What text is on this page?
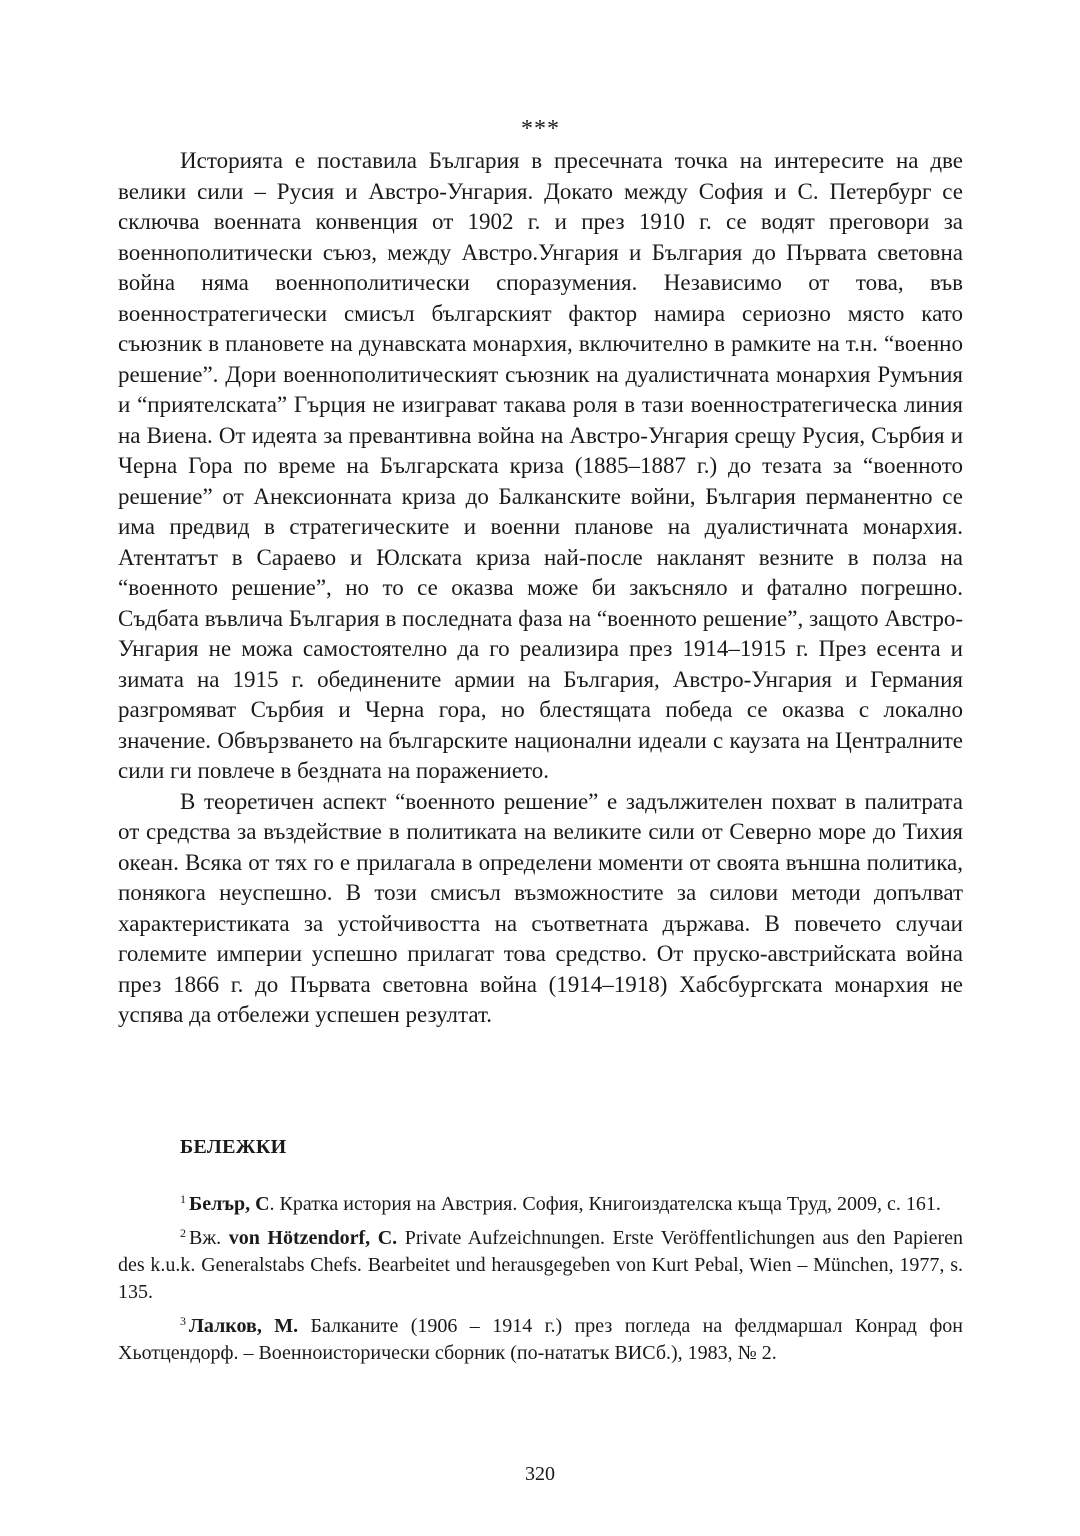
***

Историята е поставила България в пресечната точка на интересите на две велики сили – Русия и Австро-Унгария. Докато между София и С. Петербург се сключва военната конвенция от 1902 г. и през 1910 г. се водят преговори за военнополитически съюз, между Австро.Унгария и България до Първата световна война няма военнополитически споразумения. Независимо от това, във военностратегически смисъл българският фактор намира сериозно място като съюзник в плановете на дунавската монархия, включително в рамките на т.н. “военно решение”. Дори военнополитическият съюзник на дуалистичната монархия Румъния и “приятелската” Гърция не изиграват такава роля в тази военностратегическа линия на Виена. От идеята за превантивна война на Австро-Унгария срещу Русия, Сърбия и Черна Гора по време на Българската криза (1885–1887 г.) до тезата за “военното решение” от Анексионната криза до Балканските войни, България перманентно се има предвид в стратегическите и военни планове на дуалистичната монархия. Атентатът в Сараево и Юлската криза най-после накланят везните в полза на “военното решение”, но то се оказва може би закъсняло и фатално погрешно. Съдбата въвлича България в последната фаза на “военното решение”, защото Австро-Унгария не можа самостоятелно да го реализира през 1914–1915 г. През есента и зимата на 1915 г. обединените армии на България, Австро-Унгария и Германия разгромяват Сърбия и Черна гора, но блестящата победа се оказва с локално значение. Обвързването на българските национални идеали с каузата на Централните сили ги повлече в бездната на поражението.

В теоретичен аспект “военното решение” е задължителен похват в палитрата от средства за въздействие в политиката на великите сили от Северно море до Тихия океан. Всяка от тях го е прилагала в определени моменти от своята външна политика, понякога неуспешно. В този смисъл възможностите за силови методи допълват характеристиката за устойчивостта на съответната държава. В повечето случаи големите империи успешно прилагат това средство. От пруско-австрийската война през 1866 г. до Първата световна война (1914–1918) Хабсбургската монархия не успява да отбележи успешен резултат.

БЕЛЕЖКИ

$^1$ Белър, С. Кратка история на Австрия. София, Книгоиздателска къща Труд, 2009, с. 161.

$^2$ Вж. von Hötzendorf, C. Private Aufzeichnungen. Erste Veröffentlichungen aus den Papieren des k.u.k. Generalstabs Chefs. Bearbeitet und herausgegeben von Kurt Pebal, Wien – München, 1977, s. 135.

$^3$ Лалков, М. Балканите (1906 – 1914 г.) през погледа на фелдмаршал Конрад фон Хьотцендорф. – Военноисторически сборник (по-нататък ВИСб.), 1983, № 2.

320
